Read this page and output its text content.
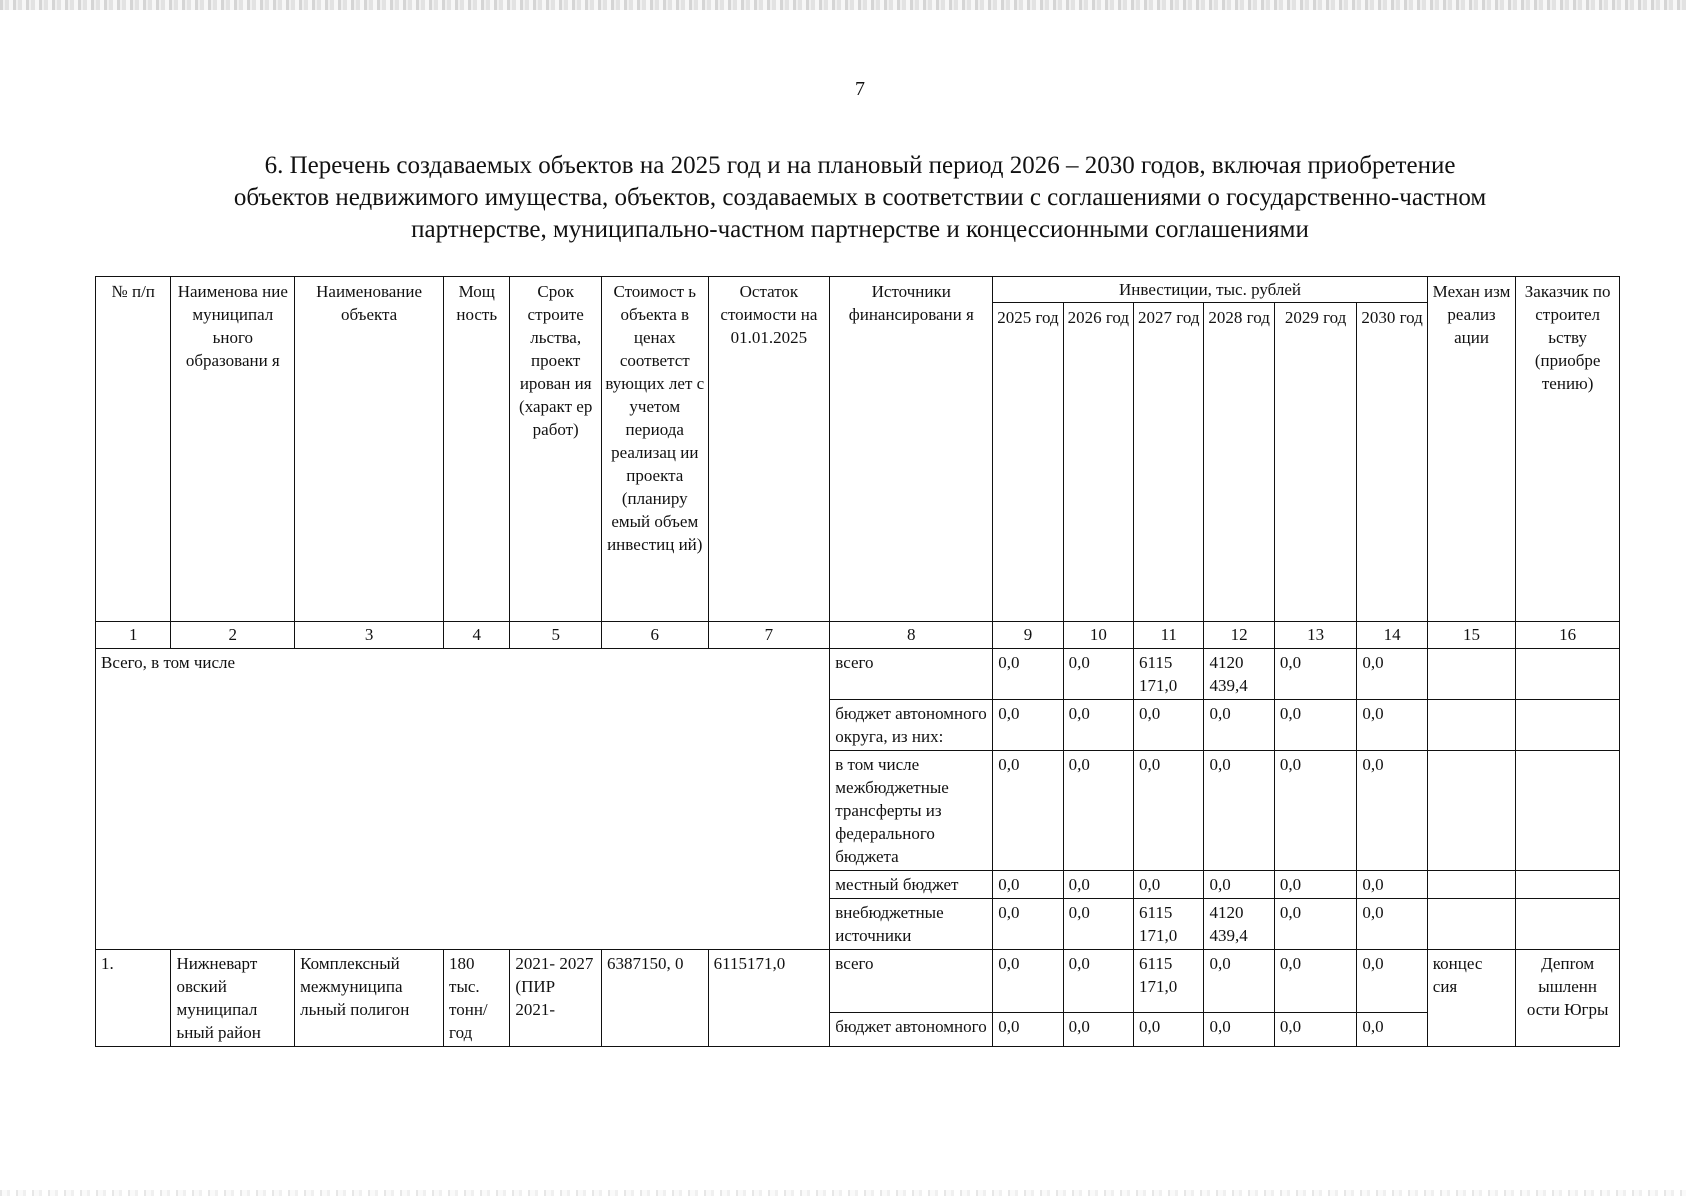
7
6. Перечень создаваемых объектов на 2025 год и на плановый период 2026 – 2030 годов, включая приобретение
объектов недвижимого имущества, объектов, создаваемых в соответствии с соглашениями о государственно-частном
партнерстве, муниципально-частном партнерстве и концессионными соглашениями
№ п/п	Наименова ние муниципал ьного образовани я	Наименование объекта	Мощ ность	Срок строите льства, проект ирован ия (характ ер работ)	Стоимост ь объекта в ценах соответст вующих лет с учетом периода реализац ии проекта (планиру емый объем инвестиц ий)	Остаток стоимости на 01.01.2025	Источники финансировани я	Инвестиции, тыс. рублей						Механ изм реализ ации	Заказчик по строител ьству (приобре тению)
								2025 год	2026 год	2027 год	2028 год	2029 год	2030 год		
1	2	3	4	5	6	7	8	9	10	11	12	13	14	15	16
Всего, в том числе							всего	0,0	0,0	6115 171,0	4120 439,4	0,0	0,0		
							бюджет автономного округа, из них:	0,0	0,0	0,0	0,0	0,0	0,0		
							в том числе межбюджетные трансферты из федерального бюджета	0,0	0,0	0,0	0,0	0,0	0,0		
							местный бюджет	0,0	0,0	0,0	0,0	0,0	0,0		
							внебюджетные источники	0,0	0,0	6115 171,0	4120 439,4	0,0	0,0		
1.	Нижневарт овский муниципал ьный район	Комплексный межмуниципа льный полигон	180 тыс. тонн/ год	2021- 2027 (ПИР 2021-	6387150, 0	6115171,0	всего	0,0	0,0	6115 171,0	0,0	0,0	0,0	концес сия	Депrом ышленн ости Югры
							бюджет автономного	0,0	0,0	0,0	0,0	0,0	0,0		
